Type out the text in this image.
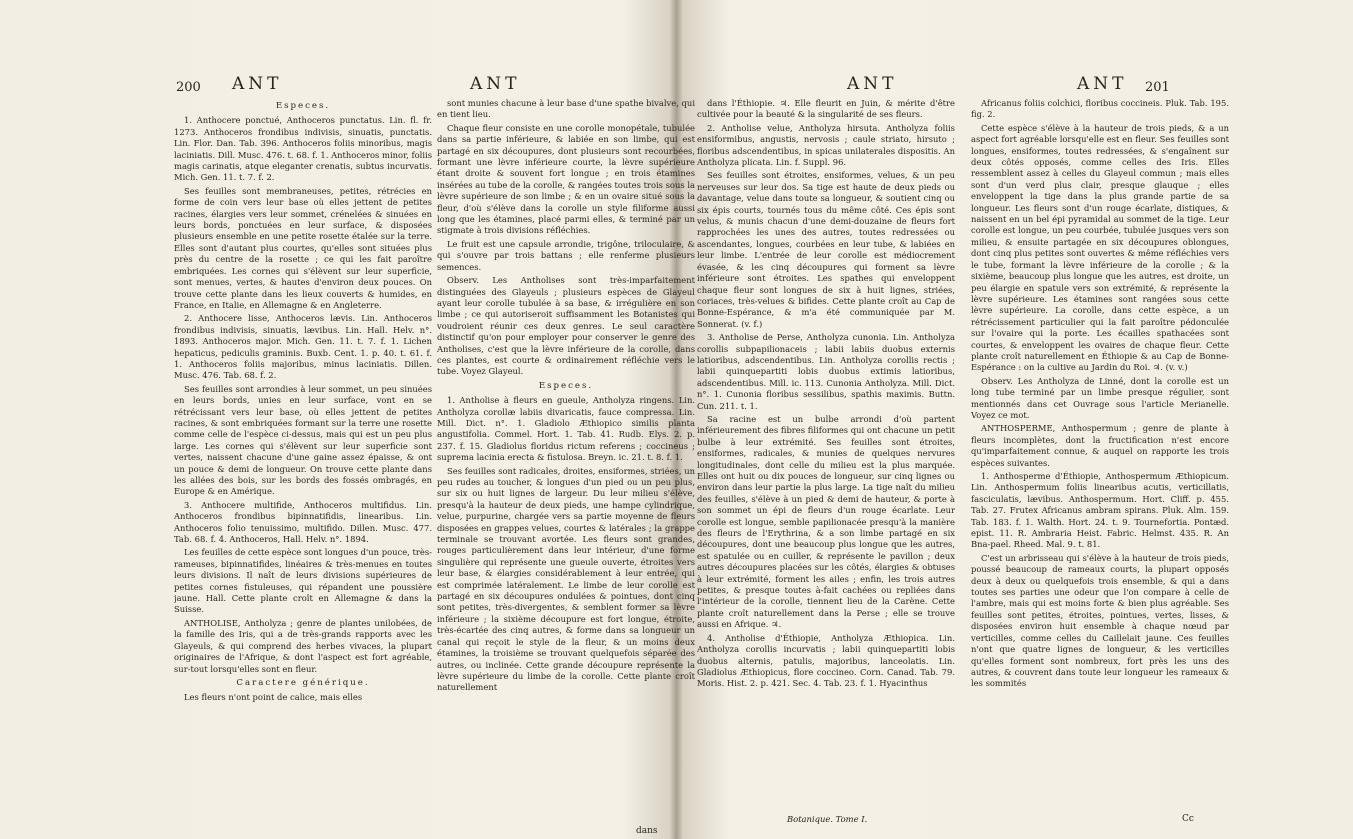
200 ANT	ANT
Especes.

1. Anthocere ponctué, Anthoceros punctatus. Lin. fl. fr. 1273. Anthoceros frondibus indivisis, sinuatis, punctatis. Lin. Flor. Dan. Tab. 396. Anthoceros foliis minoribus, magis laciniatis. Dill. Musc. 476. t. 68. f. 1. Anthoceros minor, foliis magis carinatis, atque eleganter crenatis, subtus incurvatis. Mich. Gen. 11. t. 7. f. 2.

Ses feuilles sont membraneuses, petites, rétrécies en forme de coin vers leur base où elles jettent de petites racines, élargies vers leur sommet, crénelées & sinuées en leurs bords, ponctuées en leur surface, & disposées plusieurs ensemble en une petite rosette étalée sur la terre. Elles sont d'autant plus courtes, qu'elles sont situées plus près du centre de la rosette ; ce qui les fait paroître embriquées. Les cornes qui s'élèvent sur leur superficie, sont menues, vertes, & hautes d'environ deux pouces. On trouve cette plante dans les lieux couverts & humides, en France, en Italie, en Allemagne & en Angleterre.

2. Anthocere lisse, Anthoceros lævis. Lin. Anthoceros frondibus indivisis, sinuatis, lævibus. Lin. Hall. Helv. n°. 1893. Anthoceros major. Mich. Gen. 11. t. 7. f. 1. Lichen hepaticus, pediculis graminis. Buxb. Cent. 1. p. 40. t. 61. f. 1. Anthoceros foliis majoribus, minus laciniatis. Dillen. Musc. 476. Tab. 68. f. 2.

Ses feuilles sont arrondies à leur sommet, un peu sinuées en leurs bords, unies en leur surface, vont en se rétrécissant vers leur base, où elles jettent de petites racines, & sont embriquées formant sur la terre une rosette comme celle de l'espèce ci-dessus, mais qui est un peu plus large. Les cornes qui s'élèvent sur leur superficie sont vertes, naissent chacune d'une gaine assez épaisse, & ont un pouce & demi de longueur. On trouve cette plante dans les allées des bois, sur les bords des fossés ombragés, en Europe & en Amérique.

3. Anthocere multifide, Anthoceros multifidus. Lin. Anthoceros frondibus bipinnatifidis, linearibus. Lin. Anthoceros folio tenuissimo, multifido. Dillen. Musc. 477. Tab. 68. f. 4. Anthoceros, Hall. Helv. n°. 1894.

Les feuilles de cette espèce sont longues d'un pouce, très-rameuses, bipinnatifides, linéaires & très-menues en toutes leurs divisions. Il naît de leurs divisions supérieures de petites cornes fistuleuses, qui répandent une poussière jaune. Hall. Cette plante croît en Allemagne & dans la Suisse.

ANTHOLISE, Antholyza ; genre de plantes unilobées, de la famille des Iris, qui a de très-grands rapports avec les Glayeuls, & qui comprend des herbes vivaces, la plupart originaires de l'Afrique, & dont l'aspect est fort agréable, sur-tout lorsqu'elles sont en fleur.

Caractere générique.

Les fleurs n'ont point de calice, mais elles

sont munies chacune à leur base d'une spathe bivalve, qui en tient lieu.

Chaque fleur consiste en une corolle monopétale, tubulée dans sa partie inférieure, & labiée en son limbe, qui est partagé en six découpures, dont plusieurs sont recourbées, formant une lèvre inférieure courte, la lèvre supérieure étant droite & souvent fort longue ; en trois étamines insérées au tube de la corolle, & rangées toutes trois sous la lèvre supérieure de son limbe ; & en un ovaire situé sous la fleur, d'où s'élève dans la corolle un style filiforme aussi long que les étamines, placé parmi elles, & terminé par un stigmate à trois divisions réfléchies.

Le fruit est une capsule arrondie, trigône, triloculaire, & qui s'ouvre par trois battans ; elle renferme plusieurs semences.

Observ. Les Antholises sont très-imparfaitement distinguées des Glayeuls ; plusieurs espèces de Glayeul ayant leur corolle tubulée à sa base, & irrégulière en son limbe ; ce qui autoriseroit suffisamment les Botanistes qui voudroient réunir ces deux genres. Le seul caractère distinctif qu'on pour employer pour conserver le genre des Antholises, c'est que la lèvre inférieure de la corolle, dans ces plantes, est courte & ordinairement réfléchie vers le tube. Voyez Glayeul.

Especes.

1. Antholise à fleurs en gueule, Antholyza ringens. Lin. Antholyza corollæ labiis divaricatis, fauce compressa. Lin. Mill. Dict. n°. 1. Gladiolo Æthiopico similis planta angustifolia. Commel. Hort. 1. Tab. 41. Rudb. Elys. 2. p. 237. f. 15. Gladiolus floridus rictum referens ; coccineus ; suprema lacinia erecta & fistulosa. Breyn. ic. 21. t. 8. f. 1.

Ses feuilles sont radicales, droites, ensiformes, striées, un peu rudes au toucher, & longues d'un pied ou un peu plus, sur six ou huit lignes de largeur. Du leur milieu s'élève, presqu'à la hauteur de deux pieds, une hampe cylindrique, velue, purpurine, chargée vers sa partie moyenne de fleurs disposées en grappes velues, courtes & latérales ; la grappe terminale se trouvant avortée. Les fleurs sont grandes, rouges particulièrement dans leur intérieur, d'une forme singulière qui représente une gueule ouverte, étroites vers leur base, & élargies considérablement à leur entrée, qui est comprimée latéralement. Le limbe de leur corolle est partagé en six découpures ondulées & pointues, dont cinq sont petites, très-divergentes, & semblent former sa lèvre inférieure ; la sixième découpure est fort longue, étroite, très-écartée des cinq autres, & forme dans sa longueur un canal qui reçoit le style de la fleur, & un moins deux étamines, la troisième se trouvant quelquefois séparée des autres, ou inclinée. Cette grande découpure représente la lèvre supérieure du limbe de la corolle. Cette plante croît naturellement

dans
ANT	ANT 201

dans l'Éthiopie. ♃. Elle fleurit en Juin, & mérite d'être cultivée pour la beauté & la singularité de ses fleurs.

2. Antholise velue, Antholyza hirsuta. Antholyza foliis ensiformibus, angustis, nervosis ; caule striato, hirsuto ; floribus adscendentibus, in spicas unilaterales dispositis. An Antholyza plicata. Lin. f. Suppl. 96.

Ses feuilles sont étroites, ensiformes, velues, & un peu nerveuses sur leur dos. Sa tige est haute de deux pieds ou davantage, velue dans toute sa longueur, & soutient cinq ou six épis courts, tournés tous du même côté. Ces épis sont velus, & munis chacun d'une demi-douzaine de fleurs fort rapprochées les unes des autres, toutes redressées ou ascendantes, longues, courbées en leur tube, & labiées en leur limbe. L'entrée de leur corolle est médiocrement évasée, & les cinq découpures qui forment sa lèvre inférieure sont étroites. Les spathes qui enveloppent chaque fleur sont longues de six à huit lignes, striées, coriaces, très-velues & bifides. Cette plante croît au Cap de Bonne-Espérance, & m'a été communiquée par M. Sonnerat. (v. f.)

3. Antholise de Perse, Antholyza cunonia. Lin. Antholyza corollis subpapilionaceis ; labii labiis duobus externis latioribus, adscendentibus. Lin. Antholyza corollis rectis ; labii quinquepartiti lobis duobus extimis latioribus, adscendentibus. Mill. ic. 113. Cunonia Antholyza. Mill. Dict. n°. 1. Cunonia floribus sessilibus, spathis maximis. Buttn. Cun. 211. t. 1.

Sa racine est un bulbe arrondi d'où partent inférieurement des fibres filiformes qui ont chacune un petit bulbe à leur extrémité. Ses feuilles sont étroites, ensiformes, radicales, & munies de quelques nervures longitudinales, dont celle du milieu est la plus marquée. Elles ont huit ou dix pouces de longueur, sur cinq lignes ou environ dans leur partie la plus large. La tige naît du milieu des feuilles, s'élève à un pied & demi de hauteur, & porte à son sommet un épi de fleurs d'un rouge écarlate. Leur corolle est longue, semble papilionacée presqu'à la manière des fleurs de l'Erythrina, & a son limbe partagé en six découpures, dont une beaucoup plus longue que les autres, est spatulée ou en cuiller, & représente le pavillon ; deux autres découpures placées sur les côtés, élargies & obtuses à leur extrémité, forment les ailes ; enfin, les trois autres petites, & presque toutes à-fait cachées ou repliées dans l'intérieur de la corolle, tiennent lieu de la Carène. Cette plante croît naturellement dans la Perse ; elle se trouve aussi en Afrique. ♃.

4. Antholise d'Éthiopie, Antholyza Æthiopica. Lin. Antholyza corollis incurvatis ; labii quinquepartiti lobis duobus alternis, patulis, majoribus, lanceolatis. Lin. Gladiolus Æthiopicus, flore coccineo. Corn. Canad. Tab. 79. Moris. Hist. 2. p. 421. Sec. 4. Tab. 23. f. 1. Hyacinthus

Botanique. Tome I.

Africanus foliis colchici, floribus coccineis. Pluk. Tab. 195. fig. 2.

Cette espèce s'élève à la hauteur de trois pieds, & a un aspect fort agréable lorsqu'elle est en fleur. Ses feuilles sont longues, ensiformes, toutes redressées, & s'engaînent sur deux côtés opposés, comme celles des Iris. Elles ressemblent assez à celles du Glayeul commun ; mais elles sont d'un verd plus clair, presque glauque ; elles enveloppent la tige dans la plus grande partie de sa longueur. Les fleurs sont d'un rouge écarlate, distiques, & naissent en un bel épi pyramidal au sommet de la tige. Leur corolle est longue, un peu courbée, tubulée jusques vers son milieu, & ensuite partagée en six découpures oblongues, dont cinq plus petites sont ouvertes & même réfléchies vers le tube, formant la lèvre inférieure de la corolle ; & la sixième, beaucoup plus longue que les autres, est droite, un peu élargie en spatule vers son extrémité, & représente la lèvre supérieure. Les étamines sont rangées sous cette lèvre supérieure. La corolle, dans cette espèce, a un rétrécissement particulier qui la fait paroître pédonculée sur l'ovaire qui la porte. Les écailles spathacées sont courtes, & enveloppent les ovaires de chaque fleur. Cette plante croît naturellement en Éthiopie & au Cap de Bonne-Espérance : on la cultive au Jardin du Roi. ♃. (v. v.)

Observ. Les Antholyza de Linné, dont la corolle est un long tube terminé par un limbe presque régulier, sont mentionnés dans cet Ouvrage sous l'article Merianelle. Voyez ce mot.

ANTHOSPERME, Anthospermum ; genre de plante à fleurs incomplètes, dont la fructification n'est encore qu'imparfaitement connue, & auquel on rapporte les trois espèces suivantes.

1. Anthosperme d'Éthiopie, Anthospermum Æthiopicum. Lin. Anthospermum foliis linearibus acutis, verticillatis, fasciculatis, lævibus. Anthospermum. Hort. Cliff. p. 455. Tab. 27. Frutex Africanus ambram spirans. Pluk. Alm. 159. Tab. 183. f. 1. Walth. Hort. 24. t. 9. Tournefortia. Pontæd. epist. 11. R. Ambraria Heist. Fabric. Helmst. 435. R. An Bna-pael. Rheed. Mal. 9. t. 81.

C'est un arbrisseau qui s'élève à la hauteur de trois pieds, poussé beaucoup de rameaux courts, la plupart opposés deux à deux ou quelquefois trois ensemble, & qui a dans toutes ses parties une odeur que l'on compare à celle de l'ambre, mais qui est moins forte & bien plus agréable. Ses feuilles sont petites, étroites, pointues, vertes, lisses, & disposées environ huit ensemble à chaque nœud par verticilles, comme celles du Caillelait jaune. Ces feuilles n'ont que quatre lignes de longueur, & les verticilles qu'elles forment sont nombreux, fort près les uns des autres, & couvrent dans toute leur longueur les rameaux & les sommités

Cc
